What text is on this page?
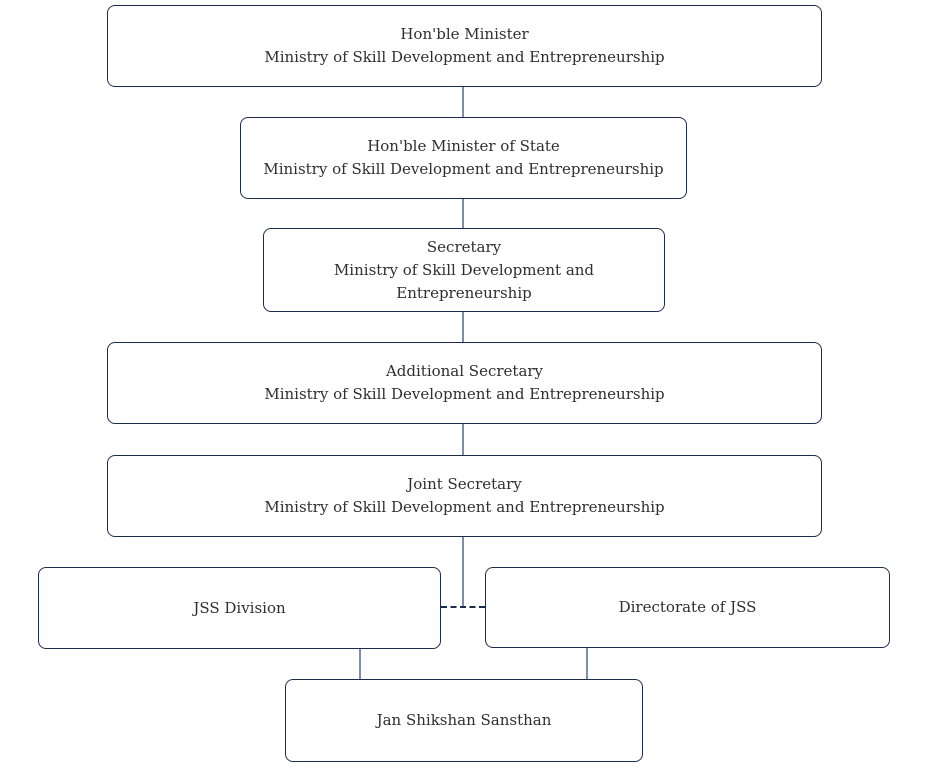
Hon'ble Minister
Ministry of Skill Development and Entrepreneurship
Hon'ble Minister of State
Ministry of Skill Development and Entrepreneurship
Secretary
Ministry of Skill Development and Entrepreneurship
Additional Secretary
Ministry of Skill Development and Entrepreneurship
Joint Secretary
Ministry of Skill Development and Entrepreneurship
JSS Division	Directorate of JSS
Jan Shikshan Sansthan
